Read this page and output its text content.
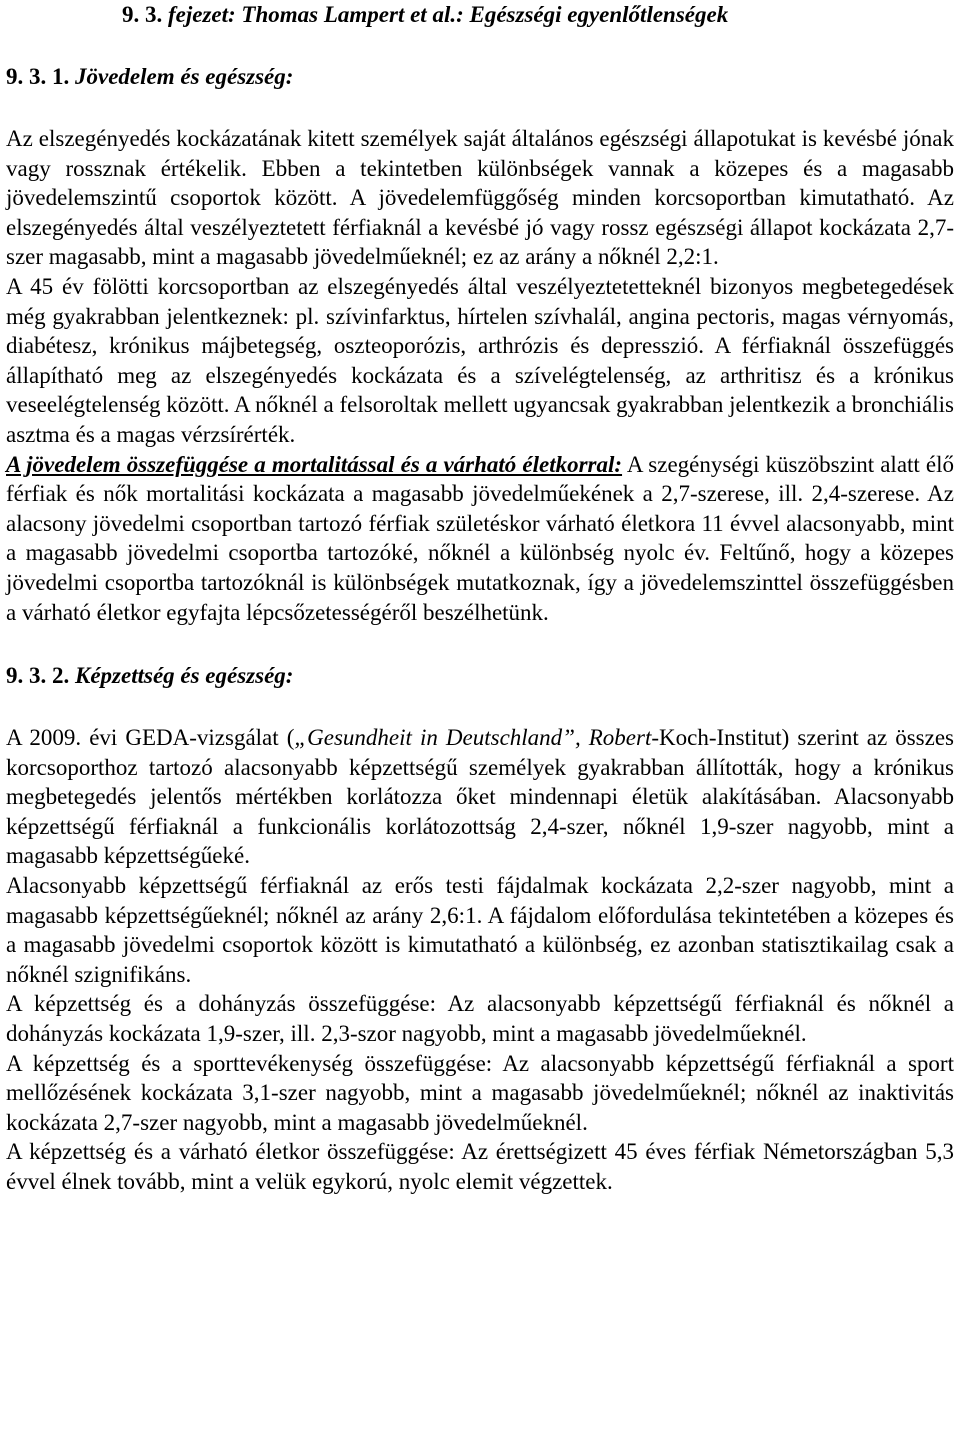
9. 3. fejezet: Thomas Lampert et al.: Egészségi egyenlőtlenségek
9. 3. 1. Jövedelem és egészség:

Az elszegényedés kockázatának kitett személyek saját általános egészségi állapotukat is kevésbé jónak vagy rossznak értékelik. Ebben a tekintetben különbségek vannak a közepes és a magasabb jövedelemszintű csoportok között. A jövedelemfüggőség minden korcsoportban kimutatható. Az elszegényedés által veszélyeztetett férfiaknál a kevésbé jó vagy rossz egészségi állapot kockázata 2,7-szer magasabb, mint a magasabb jövedelműeknél; ez az arány a nőknél 2,2:1.

A 45 év fölötti korcsoportban az elszegényedés által veszélyeztetetteknél bizonyos megbetegedések még gyakrabban jelentkeznek: pl. szívinfarktus, hírtelen szívhalál, angina pectoris, magas vérnyomás, diabétesz, krónikus májbetegség, oszteoporózis, arthrózis és depresszió. A férfiaknál összefüggés állapítható meg az elszegényedés kockázata és a szívelégtelenség, az arthritisz és a krónikus veseelégtelenség között. A nőknél a felsoroltak mellett ugyancsak gyakrabban jelentkezik a bronchiális asztma és a magas vérzsírérték.

A jövedelem összefüggése a mortalitással és a várható életkorral: A szegénységi küszöbszint alatt élő férfiak és nők mortalitási kockázata a magasabb jövedelműekének a 2,7-szerese, ill. 2,4-szerese. Az alacsony jövedelmi csoportban tartozó férfiak születéskor várható életkora 11 évvel alacsonyabb, mint a magasabb jövedelmi csoportba tartozóké, nőknél a különbség nyolc év. Feltűnő, hogy a közepes jövedelmi csoportba tartozóknál is különbségek mutatkoznak, így a jövedelemszinttel összefüggésben a várható életkor egyfajta lépcsőzetességéről beszélhetünk.

9. 3. 2. Képzettség és egészség:

A 2009. évi GEDA-vizsgálat („Gesundheit in Deutschland”, Robert-Koch-Institut) szerint az összes korcsoporthoz tartozó alacsonyabb képzettségű személyek gyakrabban állították, hogy a krónikus megbetegedés jelentős mértékben korlátozza őket mindennapi életük alakításában. Alacsonyabb képzettségű férfiaknál a funkcionális korlátozottság 2,4-szer, nőknél 1,9-szer nagyobb, mint a magasabb képzettségűeké.

Alacsonyabb képzettségű férfiaknál az erős testi fájdalmak kockázata 2,2-szer nagyobb, mint a magasabb képzettségűeknél; nőknél az arány 2,6:1. A fájdalom előfordulása tekintetében a közepes és a magasabb jövedelmi csoportok között is kimutatható a különbség, ez azonban statisztikailag csak a nőknél szignifikáns.

A képzettség és a dohányzás összefüggése: Az alacsonyabb képzettségű férfiaknál és nőknél a dohányzás kockázata 1,9-szer, ill. 2,3-szor nagyobb, mint a magasabb jövedelműeknél.

A képzettség és a sporttevékenység összefüggése: Az alacsonyabb képzettségű férfiaknál a sport mellőzésének kockázata 3,1-szer nagyobb, mint a magasabb jövedelműeknél; nőknél az inaktivitás kockázata 2,7-szer nagyobb, mint a magasabb jövedelműeknél.

A képzettség és a várható életkor összefüggése: Az érettségizett 45 éves férfiak Németországban 5,3 évvel élnek tovább, mint a velük egykorú, nyolc elemit végzettek.
